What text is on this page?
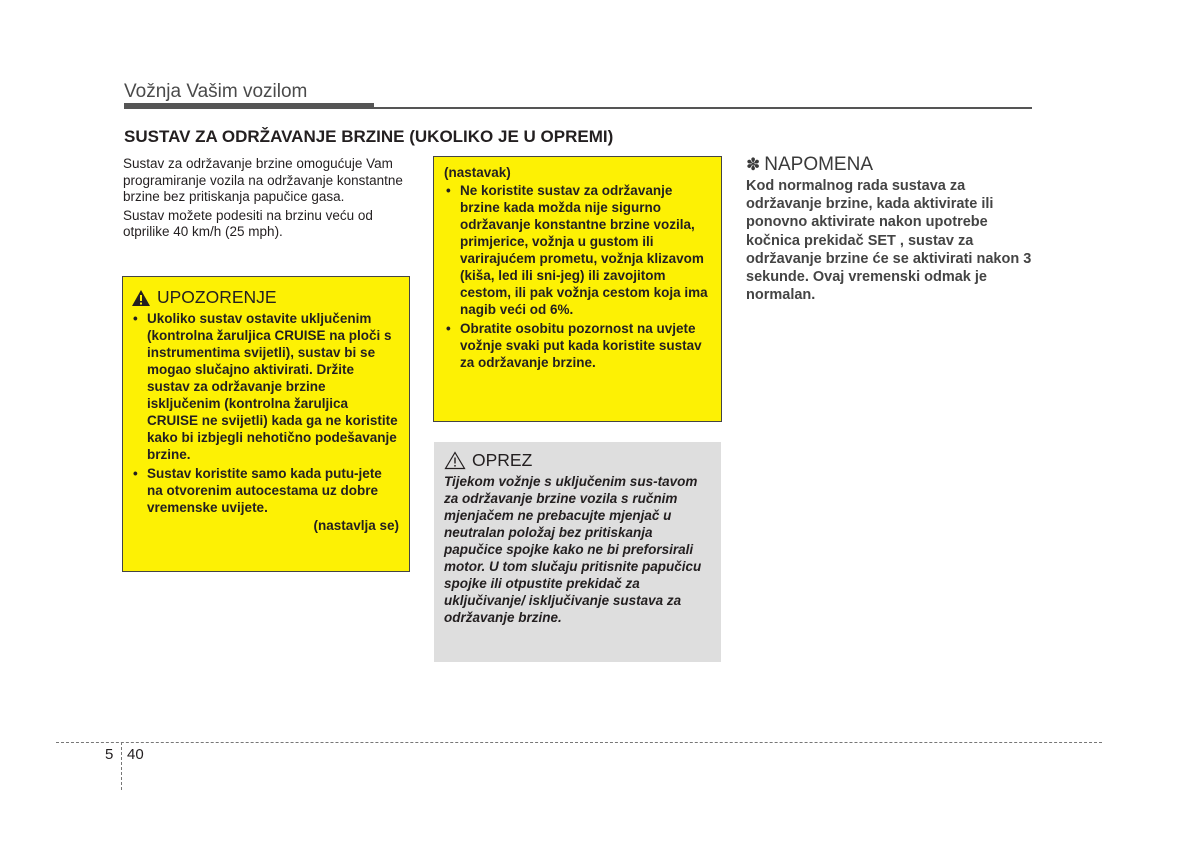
Vožnja Vašim vozilom
SUSTAV ZA ODRŽAVANJE BRZINE (UKOLIKO JE U OPREMI)

Sustav za održavanje brzine omogućuje Vam programiranje vozila na održavanje konstantne brzine bez pritiskanja papučice gasa.

Sustav možete podesiti na brzinu veću od otprilike 40 km/h (25 mph).

UPOZORENJE
• Ukoliko sustav ostavite uključenim (kontrolna žaruljica CRUISE na ploči s instrumentima svijetli), sustav bi se mogao slučajno aktivirati. Držite sustav za održavanje brzine isključenim (kontrolna žaruljica CRUISE ne svijetli) kada ga ne koristite kako bi izbjegli nehotično podešavanje brzine.
• Sustav koristite samo kada putu-jete na otvorenim autocestama uz dobre vremenske uvijete.
(nastavlja se)

(nastavak)

• Ne koristite sustav za održavanje brzine kada možda nije sigurno održavanje konstantne brzine vozila, primjerice, vožnja u gustom ili varirajućem prometu, vožnja klizavom (kiša, led ili sni-jeg) ili zavojitom cestom, ili pak vožnja cestom koja ima nagib veći od 6%.
• Obratite osobitu pozornost na uvjete vožnje svaki put kada koristite sustav za održavanje brzine.
OPREZ

Tijekom vožnje s uključenim sus-tavom za održavanje brzine vozila s ručnim mjenjačem ne prebacujte mjenjač u neutralan položaj bez pritiskanja papučice spojke kako ne bi preforsirali motor. U tom slučaju pritisnite papučicu spojke ili otpustite prekidač za uključivanje/ isključivanje sustava za održavanje brzine.

✽ NAPOMENA

Kod normalnog rada sustava za održavanje brzine, kada aktivirate ili ponovno aktivirate nakon upotrebe kočnica prekidač SET , sustav za održavanje brzine će se aktivirati nakon 3 sekunde. Ovaj vremenski odmak je normalan.

5 40
